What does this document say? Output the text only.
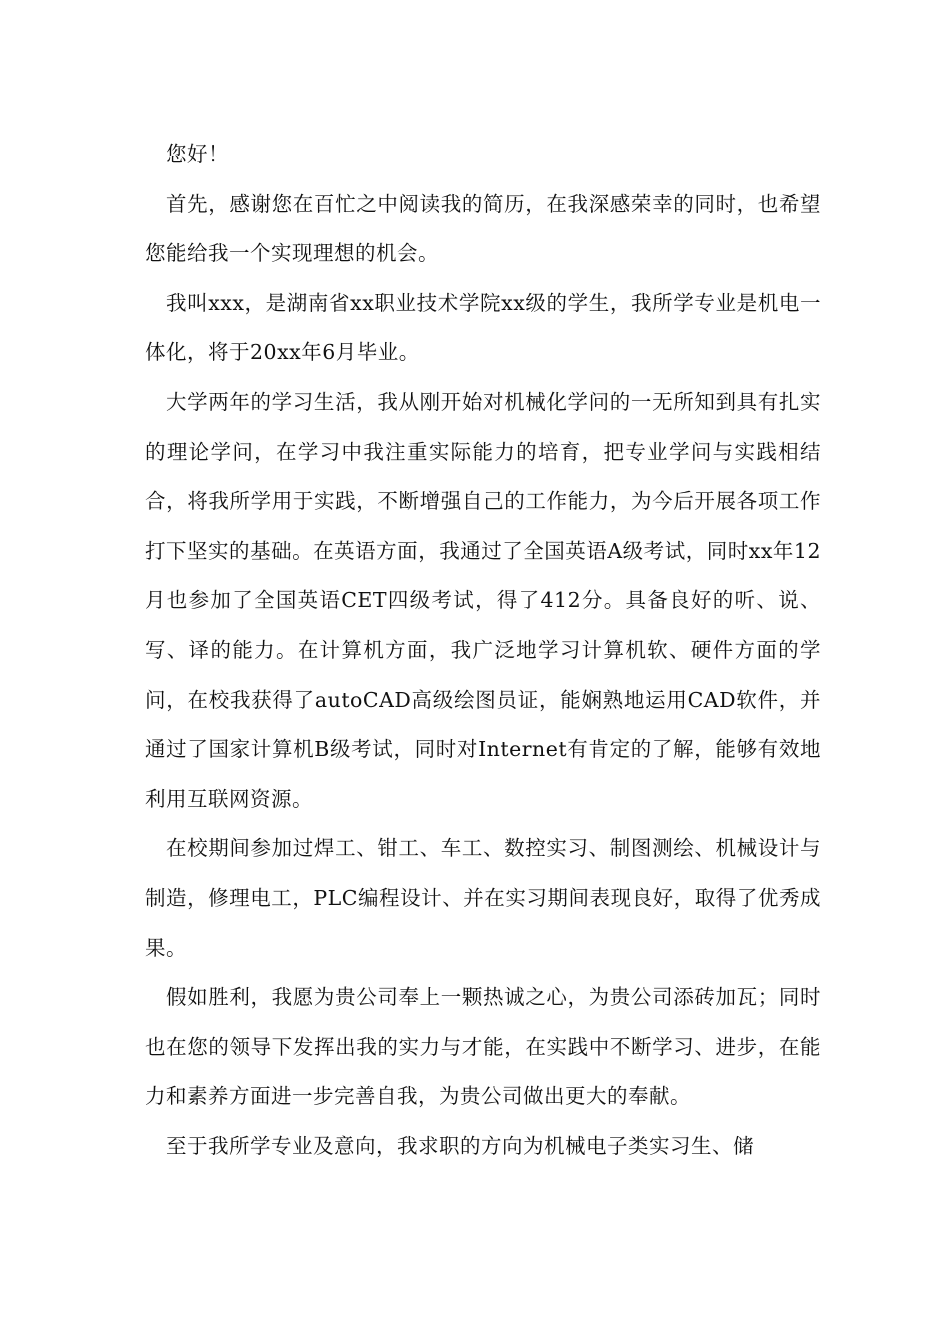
您好！

首先，感谢您在百忙之中阅读我的简历，在我深感荣幸的同时，也希望您能给我一个实现理想的机会。

我叫xxx，是湖南省xx职业技术学院xx级的学生，我所学专业是机电一体化，将于20xx年6月毕业。

大学两年的学习生活，我从刚开始对机械化学问的一无所知到具有扎实的理论学问，在学习中我注重实际能力的培育，把专业学问与实践相结合，将我所学用于实践，不断增强自己的工作能力，为今后开展各项工作打下坚实的基础。在英语方面，我通过了全国英语A级考试，同时xx年12月也参加了全国英语CET四级考试，得了412分。具备良好的听、说、写、译的能力。在计算机方面，我广泛地学习计算机软、硬件方面的学问，在校我获得了autoCAD高级绘图员证，能娴熟地运用CAD软件，并通过了国家计算机B级考试，同时对Internet有肯定的了解，能够有效地利用互联网资源。

在校期间参加过焊工、钳工、车工、数控实习、制图测绘、机械设计与制造，修理电工，PLC编程设计、并在实习期间表现良好，取得了优秀成果。

假如胜利，我愿为贵公司奉上一颗热诚之心，为贵公司添砖加瓦；同时也在您的领导下发挥出我的实力与才能，在实践中不断学习、进步，在能力和素养方面进一步完善自我，为贵公司做出更大的奉献。

至于我所学专业及意向，我求职的方向为机械电子类实习生、储
